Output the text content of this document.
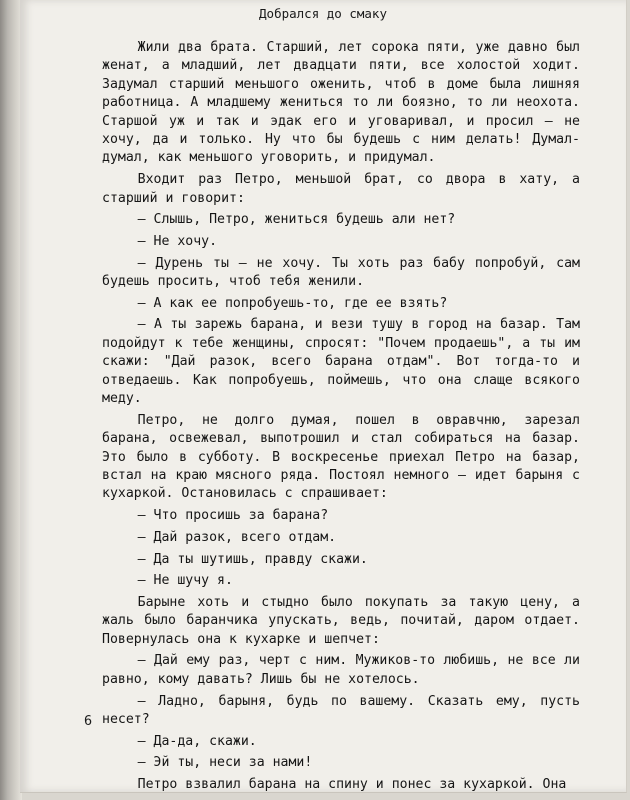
Добрался до смаку

Жили два брата. Старший, лет сорока пяти, уже давно был женат, а младший, лет двадцати пяти, все холостой ходит. Задумал старший меньшого оженить, чтоб в доме была лишняя работница. А младшему жениться то ли боязно, то ли неохота. Старшой уж и так и эдак его и уговаривал, и просил — не хочу, да и только. Ну что бы будешь с ним делать! Думал-думал, как меньшого уговорить, и придумал.

Входит раз Петро, меньшой брат, со двора в хату, а старший и говорит:

— Слышь, Петро, жениться будешь али нет?

— Не хочу.

— Дурень ты — не хочу. Ты хоть раз бабу попробуй, сам будешь просить, чтоб тебя женили.

— А как ее попробуешь-то, где ее взять?

— А ты зарежь барана, и вези тушу в город на базар. Там подойдут к тебе женщины, спросят: "Почем продаешь", а ты им скажи: "Дай разок, всего барана отдам". Вот тогда-то и отведаешь. Как попробуешь, поймешь, что она слаще всякого меду.

Петро, не долго думая, пошел в овравчню, зарезал барана, освежевал, выпотрошил и стал собираться на базар. Это было в субботу. В воскресенье приехал Петро на базар, встал на краю мясного ряда. Постоял немного — идет барыня с кухаркой. Остановилась с спрашивает:

— Что просишь за барана?

— Дай разок, всего отдам.

— Да ты шутишь, правду скажи.

— Не шучу я.

Барыне хоть и стыдно было покупать за такую цену, а жаль было баранчика упускать, ведь, почитай, даром отдает. Повернулась она к кухарке и шепчет:

— Дай ему раз, черт с ним. Мужиков-то любишь, не все ли равно, кому давать? Лишь бы не хотелось.

— Ладно, барыня, будь по вашему. Сказать ему, пусть несет?

— Да-да, скажи.

— Эй ты, неси за нами!

Петро взвалил барана на спину и понес за кухаркой. Она

6
